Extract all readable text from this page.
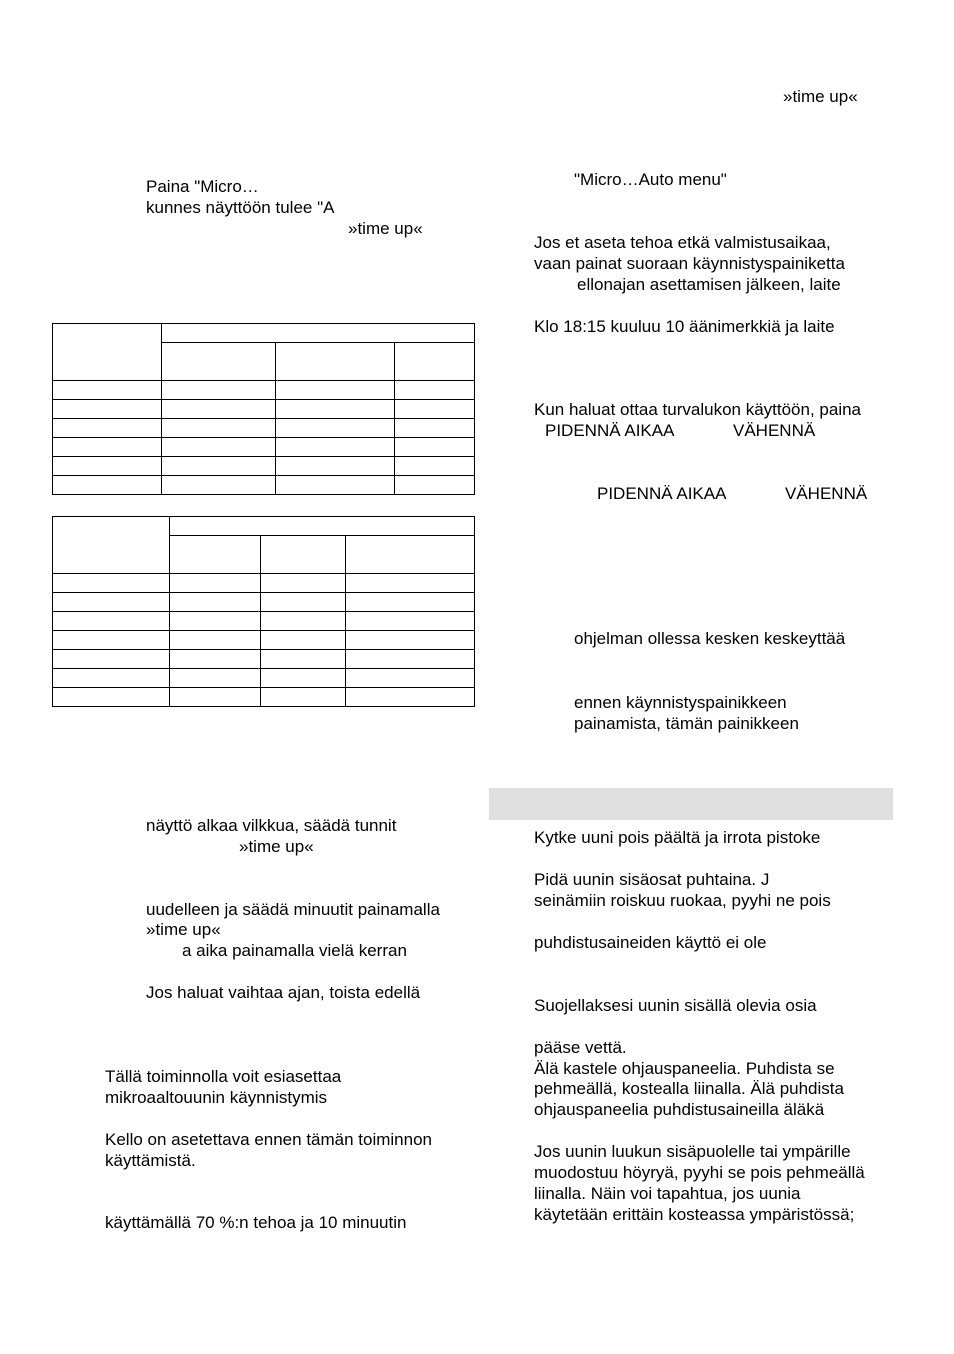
Paina "Micro…
kunnes näyttöön tulee "A
»time up«

näyttö alkaa vilkkua, säädä tunnit
»time up«
uudelleen ja säädä minuutit painamalla
»time up«
a aika painamalla vielä kerran
Jos haluat vaihtaa ajan, toista edellä
Tällä toiminnolla voit esiasettaa
mikroaaltouunin käynnistymis
Kello on asetettava ennen tämän toiminnon
käyttämistä.
käyttämällä 70 %:n tehoa ja 10 minuutin
»time up«
"Micro…Auto menu"
Jos et aseta tehoa etkä valmistusaikaa,
vaan painat suoraan käynnistyspainiketta
ellonajan asettamisen jälkeen, laite
Klo 18:15 kuuluu 10 äänimerkkiä ja laite
Kun haluat ottaa turvalukon käyttöön, paina
PIDENNÄ AIKAA	VÄHENNÄ
PIDENNÄ AIKAA	VÄHENNÄ
ohjelman ollessa kesken keskeyttää
ennen käynnistyspainikkeen
painamista, tämän painikkeen
Kytke uuni pois päältä ja irrota pistoke
Pidä uunin sisäosat puhtaina. J
seinämiin roiskuu ruokaa, pyyhi ne pois
puhdistusaineiden käyttö ei ole
Suojellaksesi uunin sisällä olevia osia
pääse vettä.
Älä kastele ohjauspaneelia. Puhdista se
pehmeällä, kostealla liinalla. Älä puhdista
ohjauspaneelia puhdistusaineilla äläkä
Jos uunin luukun sisäpuolelle tai ympärille
muodostuu höyryä, pyyhi se pois pehmeällä
liinalla. Näin voi tapahtua, jos uunia
käytetään erittäin kosteassa ympäristössä;
